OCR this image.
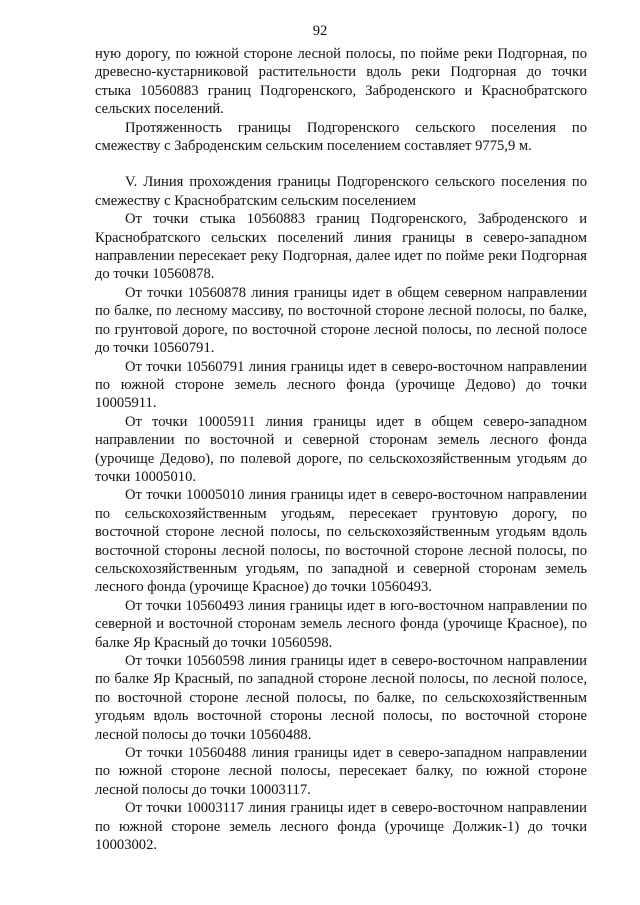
92

ную дорогу, по южной стороне лесной полосы, по пойме реки Подгорная, по древесно-кустарниковой растительности вдоль реки Подгорная до точки стыка 10560883 границ Подгоренского, Заброденского и Краснобратского сельских поселений.

Протяженность границы Подгоренского сельского поселения по смежеству с Заброденским сельским поселением составляет 9775,9 м.

V. Линия прохождения границы Подгоренского сельского поселения по смежеству с Краснобратским сельским поселением

От точки стыка 10560883 границ Подгоренского, Заброденского и Краснобратского сельских поселений линия границы в северо-западном направлении пересекает реку Подгорная, далее идет по пойме реки Подгорная до точки 10560878.

От точки 10560878 линия границы идет в общем северном направлении по балке, по лесному массиву, по восточной стороне лесной полосы, по балке, по грунтовой дороге, по восточной стороне лесной полосы, по лесной полосе до точки 10560791.

От точки 10560791 линия границы идет в северо-восточном направлении по южной стороне земель лесного фонда (урочище Дедово) до точки 10005911.

От точки 10005911 линия границы идет в общем северо-западном направлении по восточной и северной сторонам земель лесного фонда (урочище Дедово), по полевой дороге, по сельскохозяйственным угодьям до точки 10005010.

От точки 10005010 линия границы идет в северо-восточном направлении по сельскохозяйственным угодьям, пересекает грунтовую дорогу, по восточной стороне лесной полосы, по сельскохозяйственным угодьям вдоль восточной стороны лесной полосы, по восточной стороне лесной полосы, по сельскохозяйственным угодьям, по западной и северной сторонам земель лесного фонда (урочище Красное) до точки 10560493.

От точки 10560493 линия границы идет в юго-восточном направлении по северной и восточной сторонам земель лесного фонда (урочище Красное), по балке Яр Красный до точки 10560598.

От точки 10560598 линия границы идет в северо-восточном направлении по балке Яр Красный, по западной стороне лесной полосы, по лесной полосе, по восточной стороне лесной полосы, по балке, по сельскохозяйственным угодьям вдоль восточной стороны лесной полосы, по восточной стороне лесной полосы до точки 10560488.

От точки 10560488 линия границы идет в северо-западном направлении по южной стороне лесной полосы, пересекает балку, по южной стороне лесной полосы до точки 10003117.

От точки 10003117 линия границы идет в северо-восточном направлении по южной стороне земель лесного фонда (урочище Должик-1) до точки 10003002.
